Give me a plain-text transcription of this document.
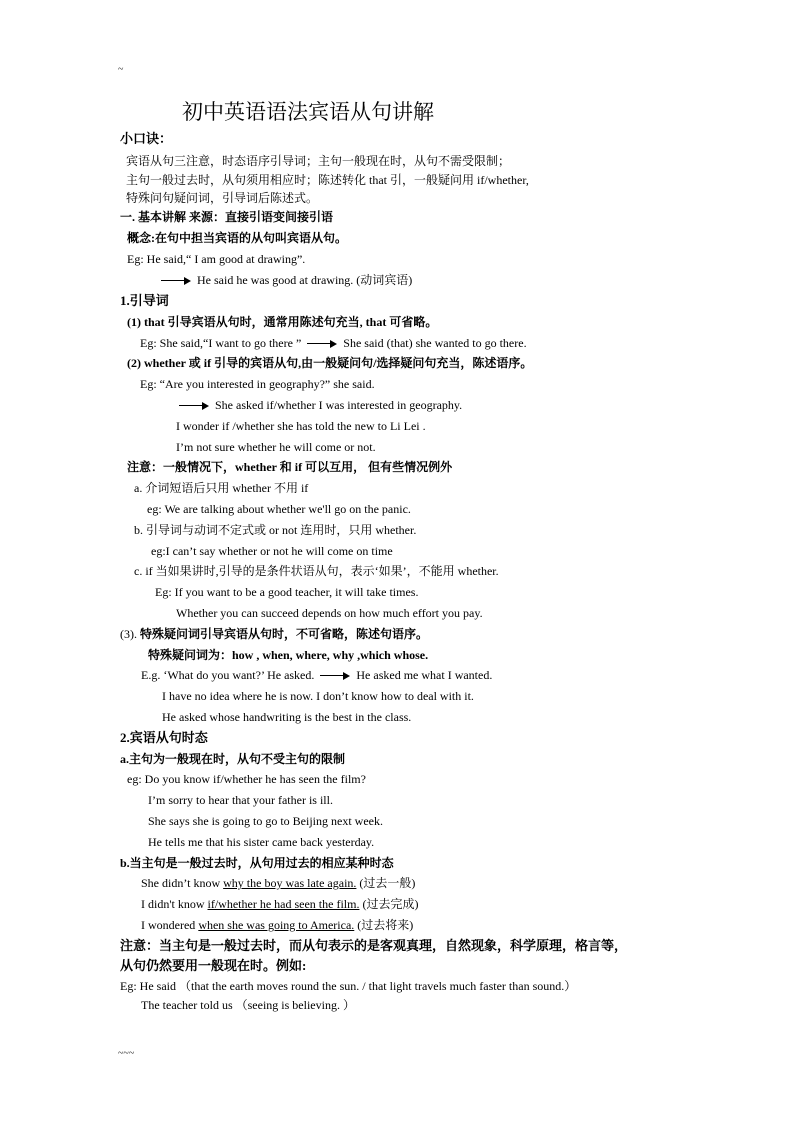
~
初中英语语法宾语从句讲解
小口诀：
宾语从句三注意，时态语序引导词；主句一般现在时，从句不需受限制；
主句一般过去时，从句须用相应时；陈述转化 that 引，一般疑问用 if/whether,
特殊问句疑问词，引导词后陈述式。
一. 基本讲解 来源：直接引语变间接引语
概念:在句中担当宾语的从句叫宾语从句。
Eg: He said,“ I am good at drawing”.
He said he was good at drawing. (动词宾语)
1.引导词
(1) that 引导宾语从句时，通常用陈述句充当, that 可省略。
Eg: She said,“I want to go there ”	She said (that) she wanted to go there.
(2) whether 或 if 引导的宾语从句,由一般疑问句/选择疑问句充当，陈述语序。
Eg: “Are you interested in geography?” she said.
She asked if/whether I was interested in geography.
I wonder if /whether she has told the new to Li Lei .
I’m not sure whether he will come or not.
注意：一般情况下，whether 和 if 可以互用， 但有些情况例外
a. 介词短语后只用 whether 不用 if
eg: We are talking about whether we'll go on the panic.
b. 引导词与动词不定式或 or not 连用时，只用 whether.
eg:I can’t say whether or not he will come on time
c. if 当如果讲时,引导的是条件状语从句，表示‘如果’，不能用 whether.
Eg: If you want to be a good teacher, it will take times.
Whether you can succeed depends on how much effort you pay.
(3). 特殊疑问词引导宾语从句时，不可省略，陈述句语序。
特殊疑问词为：how , when, where, why ,which whose.
E.g. ‘What do you want?’ He asked.	He asked me what I wanted.
I have no idea where he is now. I don’t know how to deal with it.
He asked whose handwriting is the best in the class.
2.宾语从句时态
a.主句为一般现在时，从句不受主句的限制
eg: Do you know if/whether he has seen the film?
I’m sorry to hear that your father is ill.
She says she is going to go to Beijing next week.
He tells me that his sister came back yesterday.
b.当主句是一般过去时，从句用过去的相应某种时态
She didn’t know why the boy was late again. (过去一般)
I didn't know if/whether he had seen the film. (过去完成)
I wondered when she was going to America. (过去将来)
注意：当主句是一般过去时，而从句表示的是客观真理，自然现象，科学原理，格言等，
从句仍然要用一般现在时。例如:
Eg: He said （that the earth moves round the sun. / that light travels much faster than sound.）
The teacher told us （seeing is believing. ）
~~~
